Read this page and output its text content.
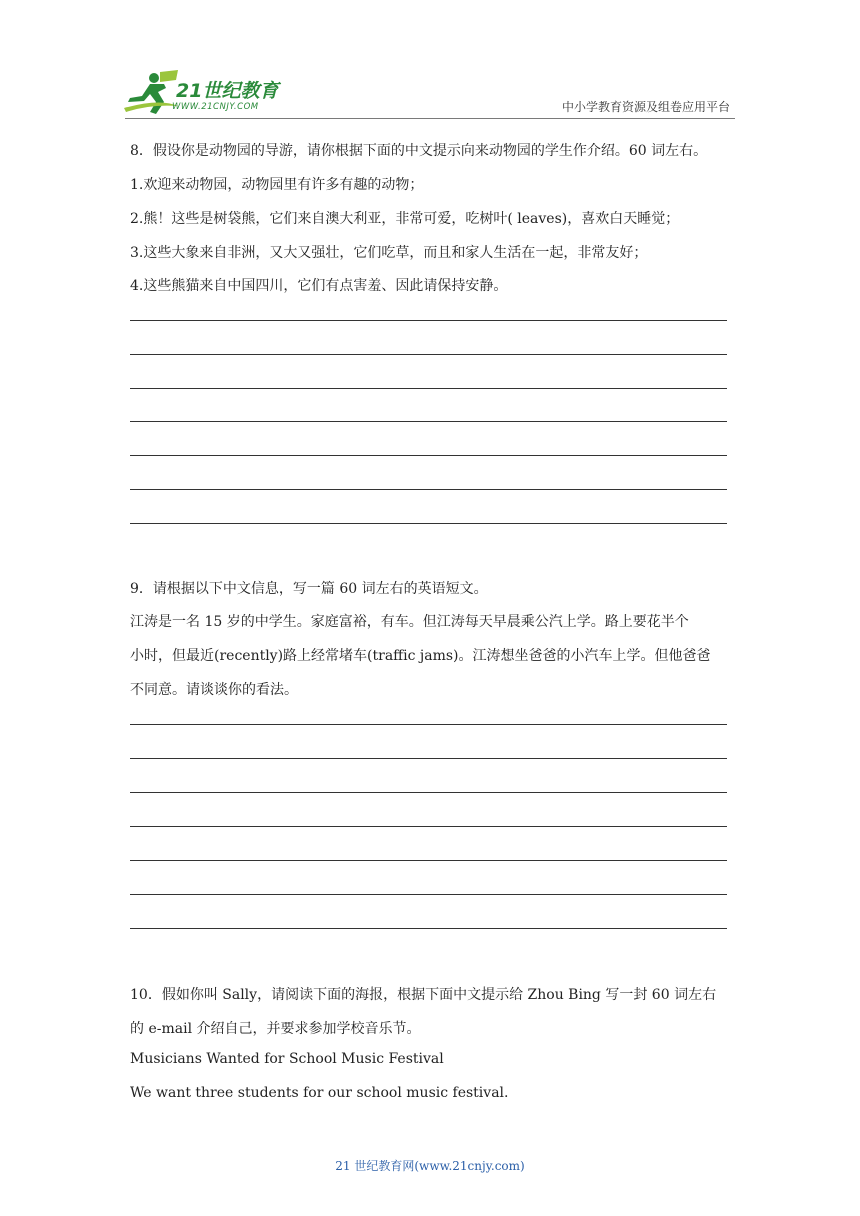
21世纪教育
WWW.21CNJY.COM	中小学教育资源及组卷应用平台
8．假设你是动物园的导游，请你根据下面的中文提示向来动物园的学生作介绍。60 词左右。
1.欢迎来动物园，动物园里有许多有趣的动物；
2.熊！这些是树袋熊，它们来自澳大利亚，非常可爱，吃树叶( leaves)，喜欢白天睡觉；
3.这些大象来自非洲，又大又强壮，它们吃草，而且和家人生活在一起，非常友好；
4.这些熊猫来自中国四川，它们有点害羞、因此请保持安静。
9．请根据以下中文信息，写一篇 60 词左右的英语短文。
江涛是一名 15 岁的中学生。家庭富裕，有车。但江涛每天早晨乘公汽上学。路上要花半个
小时，但最近(recently)路上经常堵车(traffic jams)。江涛想坐爸爸的小汽车上学。但他爸爸
不同意。请谈谈你的看法。
10．假如你叫 Sally，请阅读下面的海报，根据下面中文提示给 Zhou Bing 写一封 60 词左右
的 e-mail 介绍自己，并要求参加学校音乐节。
Musicians Wanted for School Music Festival
We want three students for our school music festival.
21 世纪教育网(www.21cnjy.com)
